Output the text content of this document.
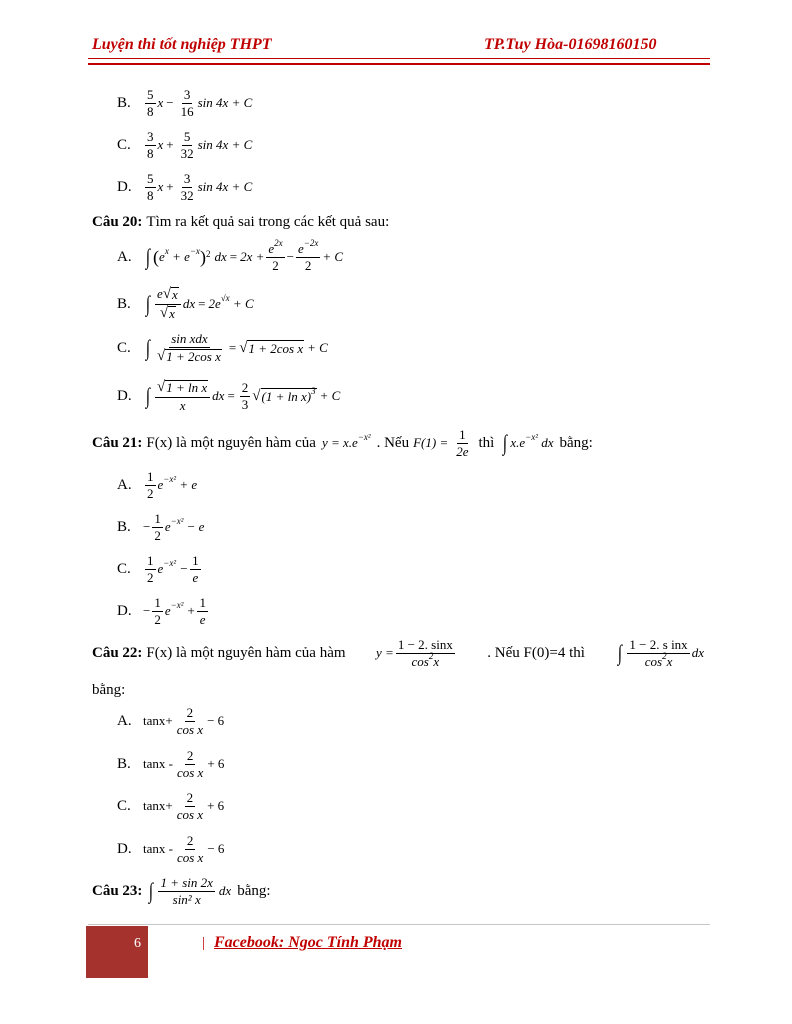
Luyện thi tốt nghiệp THPT	TP.Tuy Hòa-01698160150
B.	$\frac{5}{8}$ $x - \frac{3}{16}$ sin 4x + C
C.	$\frac{3}{8}$ $x + \frac{5}{32}$ sin 4x + C
D.	$\frac{5}{8}$ $x + \frac{3}{32}$ sin 4x + C
Câu 20: Tìm ra kết quả sai trong các kết quả sau:
A. ∫ ( $e^x + e^{-x}$ )$^2$ dx = $2x + \frac{e^{2x}}{2} - \frac{e^{-2x}}{2} + C$
B. ∫ $\frac{e √ x}{√ x}$ dx = $2e^{√x} + C$
C. ∫ $\frac{\text{sin xdx}}{\text{√ 1 + 2cos x}}$ = √ 1 + 2cos x + C
D. ∫ $\frac{\text{√ 1 + ln x}}{x}$ dx = $\frac{2}{3}$ √ $(1 + \ln x)^3 + C$
Câu 21: F(x) là một nguyên hàm của $y = x.e^{-x^2}$ . Nếu $F(1) = \frac{1}{2e}$ thì ∫ $x.e^{-x^2}$ dx bằng:
A.	$\frac{1}{2} e^{-x^2} + e$
B. − $\frac{1}{2} e^{-x^2} - e$
C.	$\frac{1}{2} e^{-x^2} - \frac{1}{e}$
D. − $\frac{1}{2} e^{-x^2} + \frac{1}{e}$
Câu 22: F(x) là một nguyên hàm của hàm $y = \frac{1 - 2. \sin x}{\cos^2x}$ . Nếu F(0)=4 thì ∫ $\frac{\text{1 − 2. s inx}}{\cos^2x}$ dx
bằng:
A. $\tan x+ \frac{2}{\text{cos x}} - 6$
B. $\tan x - \frac{2}{\text{cos x}} + 6$
C. $\tan x+ \frac{2}{\text{cos x}} + 6$
D. $\tan x - \frac{2}{\text{cos x}} - 6$
Câu 23: ∫ $\frac{1 + \sin 2x}{\text{sin² x}}$ dx bằng:
6	| Facebook: Ngoc Tính Phạm
